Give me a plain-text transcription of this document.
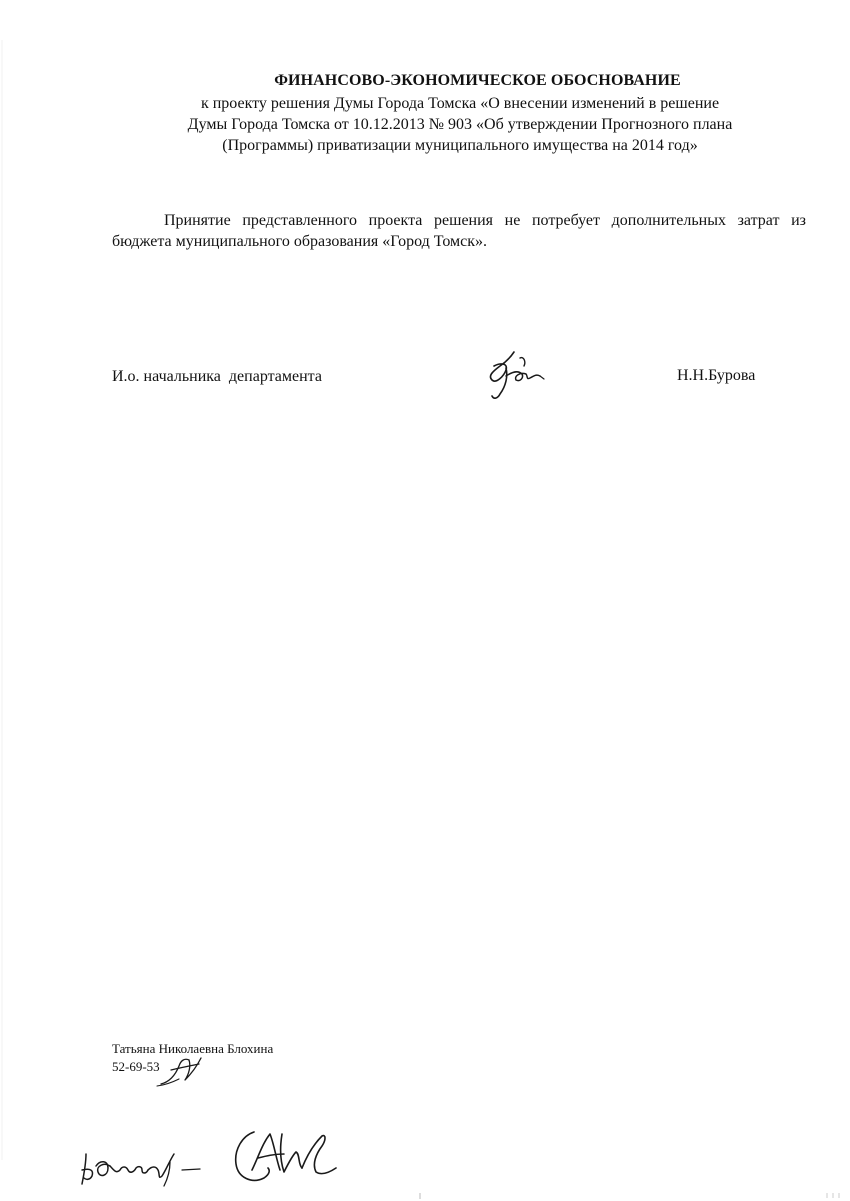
ФИНАНСОВО-ЭКОНОМИЧЕСКОЕ ОБОСНОВАНИЕ
к проекту решения Думы Города Томска «О внесении изменений в решение
Думы Города Томска от 10.12.2013 № 903 «Об утверждении Прогнозного плана
(Программы) приватизации муниципального имущества на 2014 год»
Принятие представленного проекта решения не потребует дополнительных затрат из
бюджета муниципального образования «Город Томск».
И.о. начальника  департамента	Н.Н.Бурова
Татьяна Николаевна Блохина
52-69-53
